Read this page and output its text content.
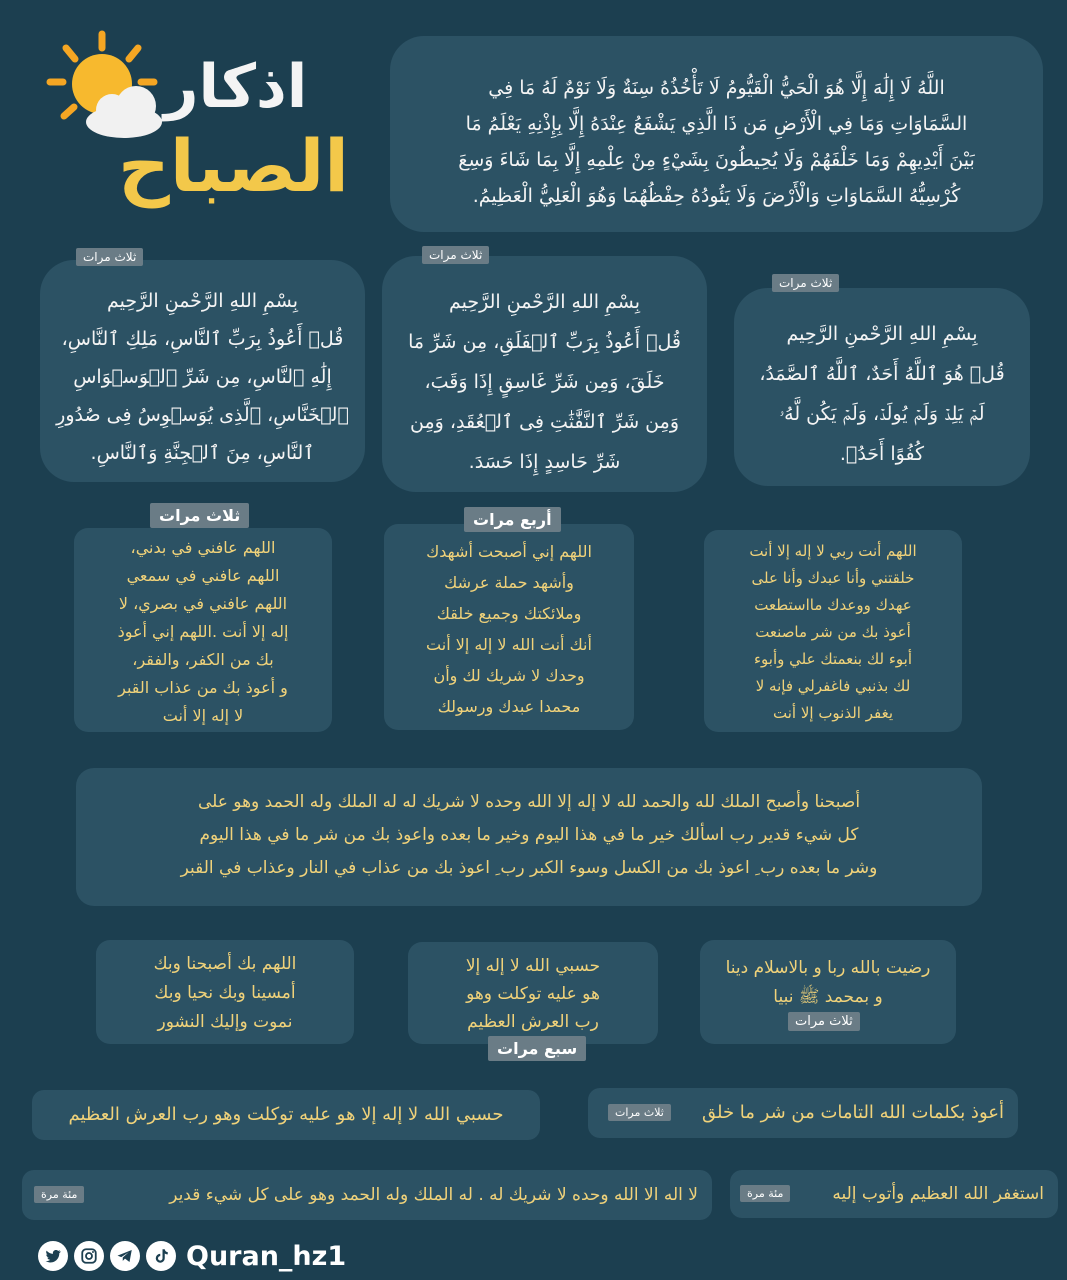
اذكار
الصباح
اللَّهُ لَا إِلَٰهَ إِلَّا هُوَ الْحَيُّ الْقَيُّومُ لَا تَأْخُذُهُ سِنَةٌ وَلَا نَوْمٌ لَهُ مَا فِي
السَّمَاوَاتِ وَمَا فِي الْأَرْضِ مَن ذَا الَّذِي يَشْفَعُ عِنْدَهُ إِلَّا بِإِذْنِهِ يَعْلَمُ مَا
بَيْنَ أَيْدِيهِمْ وَمَا خَلْفَهُمْ وَلَا يُحِيطُونَ بِشَيْءٍ مِنْ عِلْمِهِ إِلَّا بِمَا شَاءَ وَسِعَ
كُرْسِيُّهُ السَّمَاوَاتِ وَالْأَرْضَ وَلَا يَئُودُهُ حِفْظُهُمَا وَهُوَ الْعَلِيُّ الْعَظِيمُ.
بِسْمِ اللهِ الرَّحْمنِ الرَّحِيم
قُلۡ أَعُوذُ بِرَبِّ ٱلنَّاسِ، مَلِكِ ٱلنَّاسِ،
إِلَٰهِ ٱلنَّاسِ، مِن شَرِّ ٱلۡوَسۡوَاسِ
ٱلۡخَنَّاسِ، ٱلَّذِى يُوَسۡوِسُ فِى صُدُورِ
ٱلنَّاسِ، مِنَ ٱلۡجِنَّةِ وَٱلنَّاسِ.
ثلاث مرات
بِسْمِ اللهِ الرَّحْمنِ الرَّحِيم
قُلۡ أَعُوذُ بِرَبِّ ٱلۡفَلَقِ، مِن شَرِّ مَا
خَلَقَ، وَمِن شَرِّ غَاسِقٍ إِذَا وَقَبَ،
وَمِن شَرِّ ٱلنَّفَّٰثَٰتِ فِى ٱلۡعُقَدِ، وَمِن
شَرِّ حَاسِدٍ إِذَا حَسَدَ.
ثلاث مرات
بِسْمِ اللهِ الرَّحْمنِ الرَّحِيم
قُلۡ هُوَ ٱللَّهُ أَحَدٌ، ٱللَّهُ ٱلصَّمَدُ،
لَمۡ يَلِدۡ وَلَمۡ يُولَدۡ، وَلَمۡ يَكُن لَّهُۥ
كُفُوًا أَحَدُۢ.
ثلاث مرات
اللهم عافني في بدني،
اللهم عافني في سمعي
اللهم عافني في بصري، لا
إله إلا أنت .اللهم إني أعوذ
بك من الكفر، والفقر،
و أعوذ بك من عذاب القبر
لا إله إلا أنت
ثلاث مرات
اللهم إني أصبحت أشهدك
وأشهد حملة عرشك
وملائكتك وجميع خلقك
أنك أنت الله لا إله إلا أنت
وحدك لا شريك لك وأن
محمدا عبدك ورسولك
أربع مرات
اللهم أنت ربي لا إله إلا أنت
خلقتني وأنا عبدك وأنا على
عهدك ووعدك مااستطعت
أعوذ بك من شر ماصنعت
أبوء لك بنعمتك علي وأبوء
لك بذنبي فاغفرلي فإنه لا
يغفر الذنوب إلا أنت
أصبحنا وأصبح الملك لله والحمد لله لا إله إلا الله وحده لا شريك له له الملك وله الحمد وهو على
كل شيء قدير رب اسألك خير ما في هذا اليوم وخير ما بعده واعوذ بك من شر ما في هذا اليوم
وشر ما بعده رب ِ اعوذ بك من الكسل وسوء الكبر رب ِ اعوذ بك من عذاب في النار وعذاب في القبر
اللهم بك أصبحنا وبك
أمسينا وبك نحيا وبك
نموت وإليك النشور
حسبي الله لا إله إلا
هو عليه توكلت وهو
رب العرش العظيم
سبع مرات
رضيت بالله ربا و بالاسلام دينا
و بمحمد ﷺ نبيا
ثلاث مرات
حسبي الله لا إله إلا هو عليه توكلت وهو رب العرش العظيم	أعوذ بكلمات الله التامات من شر ما خلق
ثلاث مرات
لا اله الا الله وحده لا شريك له . له الملك وله الحمد وهو على كل شيء قدير
مئة مرة	استغفر الله العظيم وأتوب إليه
مئة مرة
Quran_hz1
